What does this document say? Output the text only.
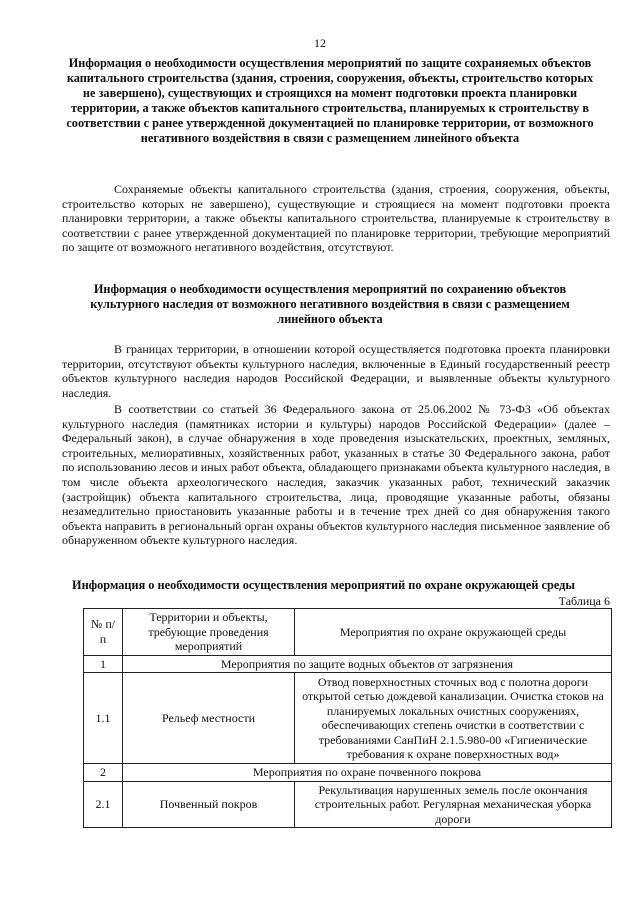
12

Информация о необходимости осуществления мероприятий по защите сохраняемых объектов капитального строительства (здания, строения, сооружения, объекты, строительство которых не завершено), существующих и строящихся на момент подготовки проекта планировки территории, а также объектов капитального строительства, планируемых к строительству в соответствии с ранее утвержденной документацией по планировке территории, от возможного негативного воздействия в связи с размещением линейного объекта

Сохраняемые объекты капитального строительства (здания, строения, сооружения, объекты, строительство которых не завершено), существующие и строящиеся на момент подготовки проекта планировки территории, а также объекты капитального строительства, планируемые к строительству в соответствии с ранее утвержденной документацией по планировке территории, требующие мероприятий по защите от возможного негативного воздействия, отсутствуют.

Информация о необходимости осуществления мероприятий по сохранению объектов культурного наследия от возможного негативного воздействия в связи с размещением линейного объекта

В границах территории, в отношении которой осуществляется подготовка проекта планировки территории, отсутствуют объекты культурного наследия, включенные в Единый государственный реестр объектов культурного наследия народов Российской Федерации, и выявленные объекты культурного наследия.

В соответствии со статьей 36 Федерального закона от 25.06.2002 № 73-ФЗ «Об объектах культурного наследия (памятниках истории и культуры) народов Российской Федерации» (далее – Федеральный закон), в случае обнаружения в ходе проведения изыскательских, проектных, земляных, строительных, мелиоративных, хозяйственных работ, указанных в статье 30 Федерального закона, работ по использованию лесов и иных работ объекта, обладающего признаками объекта культурного наследия, в том числе объекта археологического наследия, заказчик указанных работ, технический заказчик (застройщик) объекта капитального строительства, лица, проводящие указанные работы, обязаны незамедлительно приостановить указанные работы и в течение трех дней со дня обнаружения такого объекта направить в региональный орган охраны объектов культурного наследия письменное заявление об обнаруженном объекте культурного наследия.

Информация о необходимости осуществления мероприятий по охране окружающей среды

Таблица 6
№ п/п	Территории и объекты, требующие проведения мероприятий	Мероприятия по охране окружающей среды
1	Мероприятия по защите водных объектов от загрязнения	
1.1	Рельеф местности	Отвод поверхностных сточных вод с полотна дороги открытой сетью дождевой канализации. Очистка стоков на планируемых локальных очистных сооружениях, обеспечивающих степень очистки в соответствии с требованиями СанПиН 2.1.5.980-00 «Гигиенические требования к охране поверхностных вод»
2	Мероприятия по охране почвенного покрова	
2.1	Почвенный покров	Рекультивация нарушенных земель после окончания строительных работ. Регулярная механическая уборка дороги
